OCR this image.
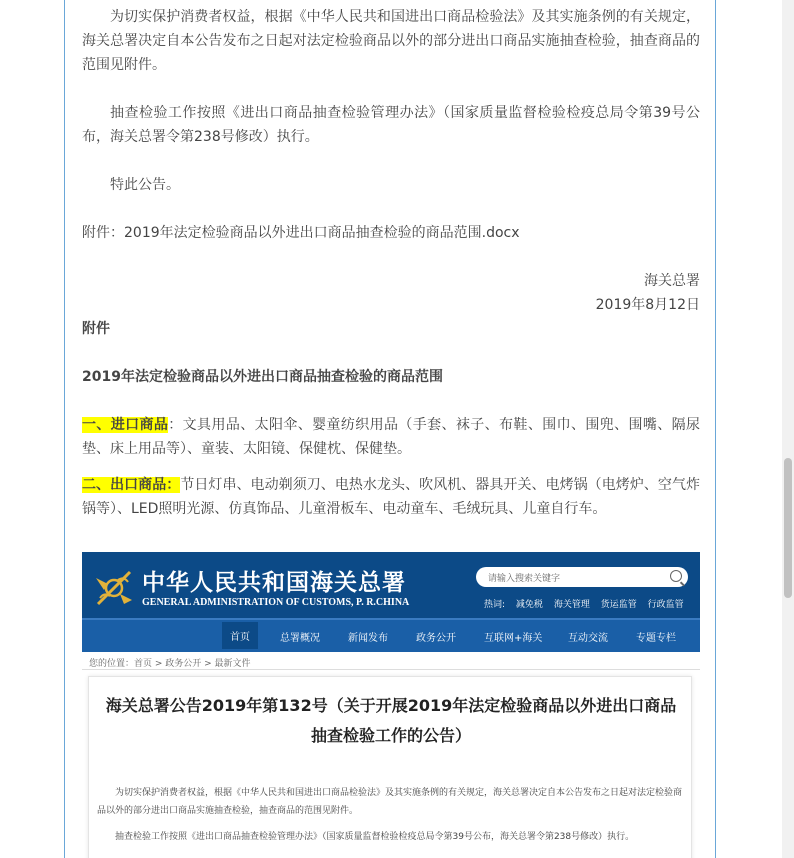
为切实保护消费者权益，根据《中华人民共和国进出口商品检验法》及其实施条例的有关规定，海关总署决定自本公告发布之日起对法定检验商品以外的部分进出口商品实施抽查检验，抽查商品的范围见附件。

抽查检验工作按照《进出口商品抽查检验管理办法》（国家质量监督检验检疫总局令第39号公布，海关总署令第238号修改）执行。

特此公告。

附件：2019年法定检验商品以外进出口商品抽查检验的商品范围.docx

海关总署

2019年8月12日

附件

2019年法定检验商品以外进出口商品抽查检验的商品范围

一、进口商品：文具用品、太阳伞、婴童纺织用品（手套、袜子、布鞋、围巾、围兜、围嘴、隔尿垫、床上用品等）、童装、太阳镜、保健枕、保健垫。

二、出口商品：节日灯串、电动剃须刀、电热水龙头、吹风机、器具开关、电烤锅（电烤炉、空气炸锅等）、LED照明光源、仿真饰品、儿童滑板车、电动童车、毛绒玩具、儿童自行车。

中华人民共和国海关总署
GENERAL ADMINISTRATION OF CUSTOMS, P. R.CHINA
请输入搜索关键字
热词: 减免税 海关管理 货运监管 行政监管
首页	总署概况	新闻发布	政务公开	互联网+海关	互动交流	专题专栏
您的位置：首页 > 政务公开 > 最新文件
海关总署公告2019年第132号（关于开展2019年法定检验商品以外进出口商品抽查检验工作的公告）

为切实保护消费者权益，根据《中华人民共和国进出口商品检验法》及其实施条例的有关规定，海关总署决定自本公告发布之日起对法定检验商品以外的部分进出口商品实施抽查检验，抽查商品的范围见附件。

抽查检验工作按照《进出口商品抽查检验管理办法》（国家质量监督检验检疫总局令第39号公布，海关总署令第238号修改）执行。
